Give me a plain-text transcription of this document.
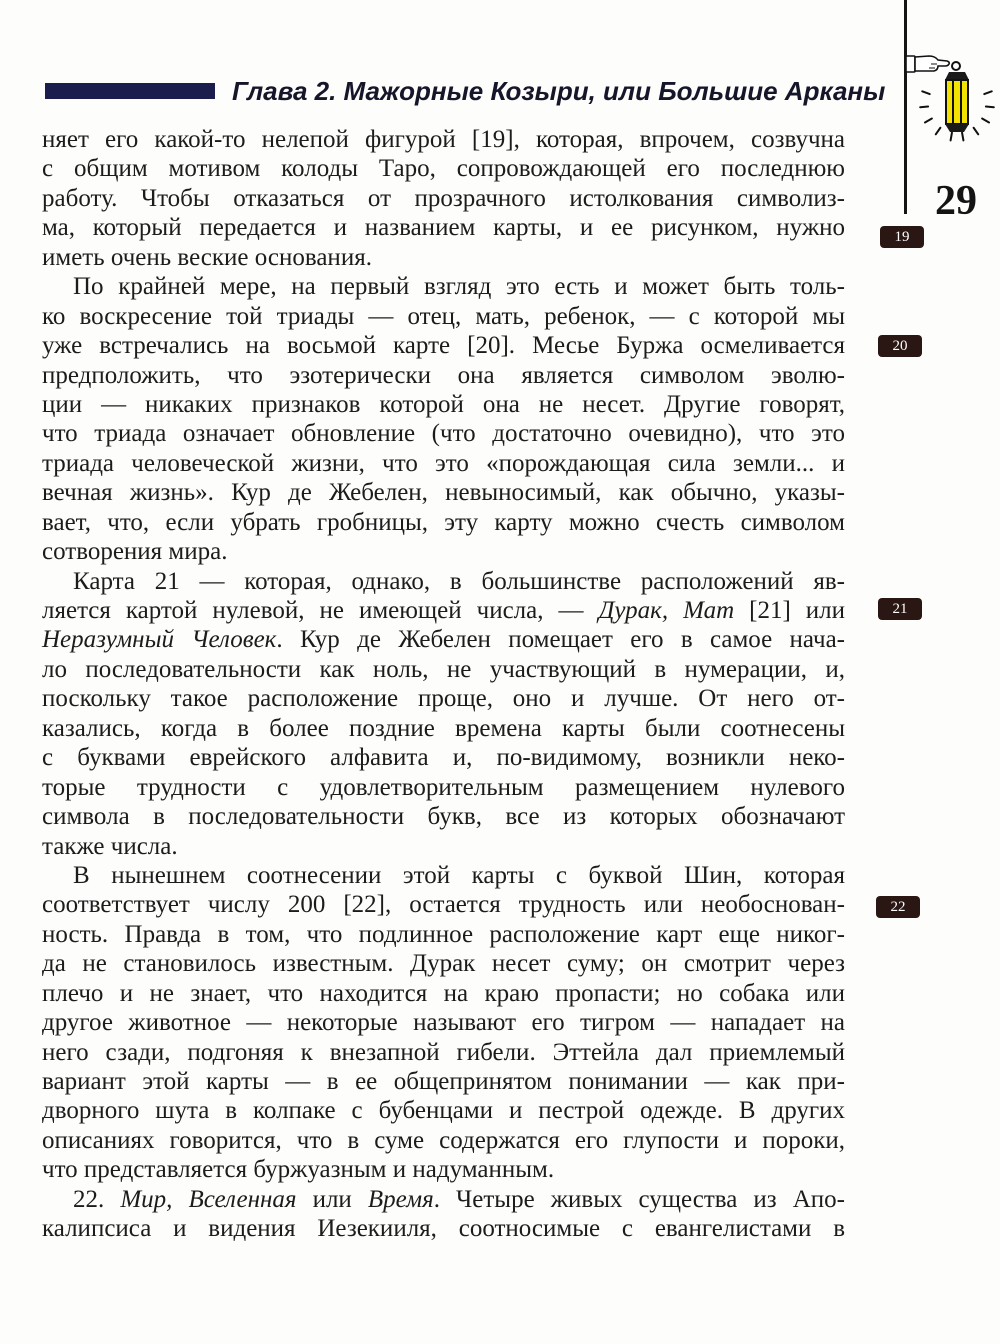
Глава 2. Мажорные Козыри, или Большие Арканы
29
19
20
21
22
няет его какой-то нелепой фигурой [19], которая, впрочем, созвучна
с общим мотивом колоды Таро, сопровождающей его последнюю
работу. Чтобы отказаться от прозрачного истолкования символиз-
ма, который передается и названием карты, и ее рисунком, нужно
иметь очень веские основания.
По крайней мере, на первый взгляд это есть и может быть толь-
ко воскресение той триады — отец, мать, ребенок, — с которой мы
уже встречались на восьмой карте [20]. Месье Буржа осмеливается
предположить, что эзотерически она является символом эволю-
ции — никаких признаков которой она не несет. Другие говорят,
что триада означает обновление (что достаточно очевидно), что это
триада человеческой жизни, что это «порождающая сила земли... и
вечная жизнь». Кур де Жебелен, невыносимый, как обычно, указы-
вает, что, если убрать гробницы, эту карту можно счесть символом
сотворения мира.
Карта 21 — которая, однако, в большинстве расположений яв-
ляется картой нулевой, не имеющей числа, — Дурак, Мат [21] или
Неразумный Человек. Кур де Жебелен помещает его в самое нача-
ло последовательности как ноль, не участвующий в нумерации, и,
поскольку такое расположение проще, оно и лучше. От него от-
казались, когда в более поздние времена карты были соотнесены
с буквами еврейского алфавита и, по-видимому, возникли неко-
торые трудности с удовлетворительным размещением нулевого
символа в последовательности букв, все из которых обозначают
также числа.
В нынешнем соотнесении этой карты с буквой Шин, которая
соответствует числу 200 [22], остается трудность или необоснован-
ность. Правда в том, что подлинное расположение карт еще никог-
да не становилось известным. Дурак несет суму; он смотрит через
плечо и не знает, что находится на краю пропасти; но собака или
другое животное — некоторые называют его тигром — нападает на
него сзади, подгоняя к внезапной гибели. Эттейла дал приемлемый
вариант этой карты — в ее общепринятом понимании — как при-
дворного шута в колпаке с бубенцами и пестрой одежде. В других
описаниях говорится, что в суме содержатся его глупости и пороки,
что представляется буржуазным и надуманным.
22. Мир, Вселенная или Время. Четыре живых существа из Апо-
калипсиса и видения Иезекииля, соотносимые с евангелистами в
